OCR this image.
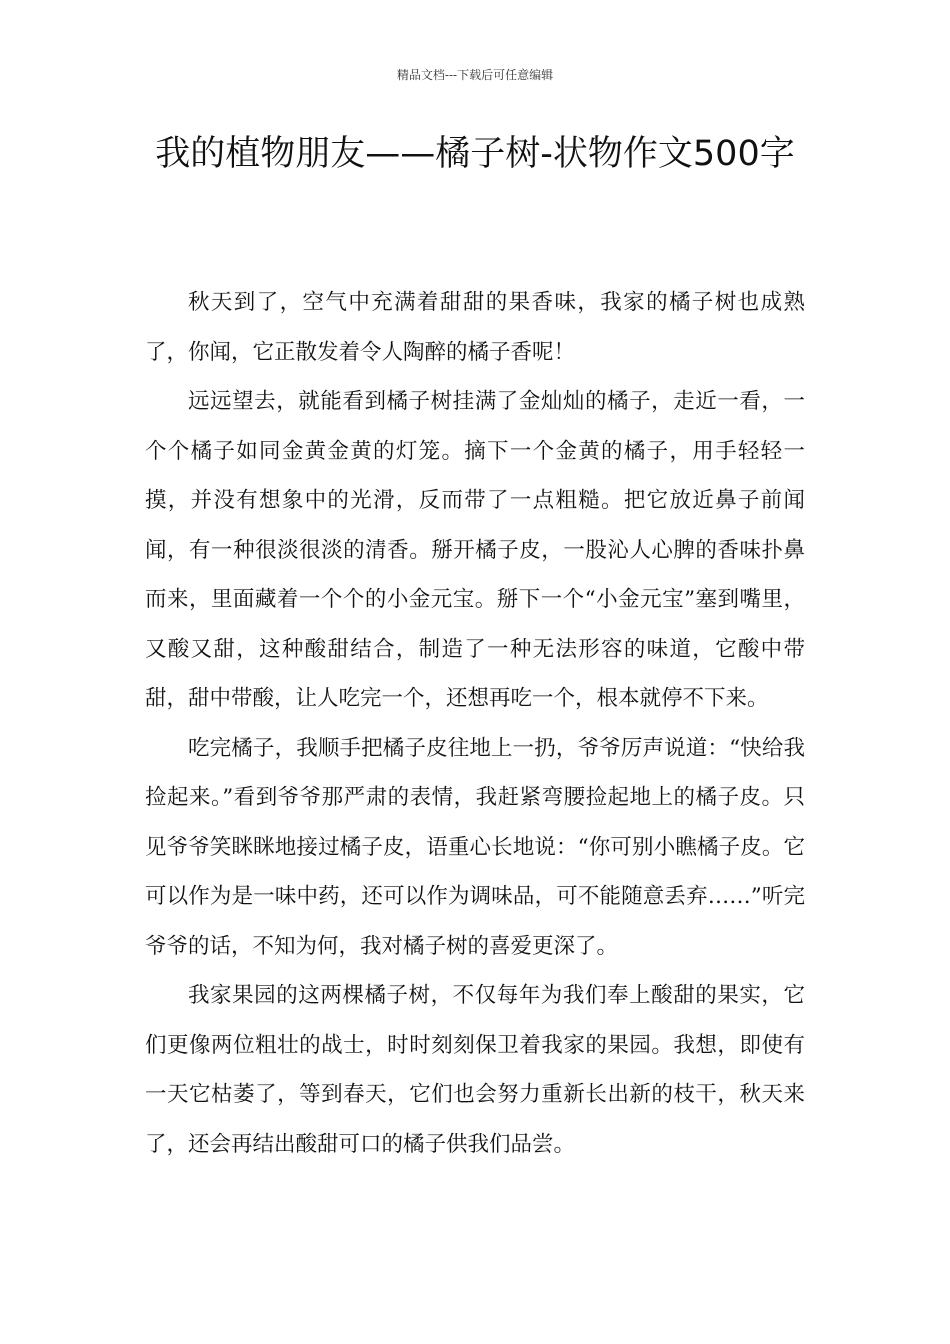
精品文档---下载后可任意编辑
我的植物朋友——橘子树-状物作文500字

秋天到了，空气中充满着甜甜的果香味，我家的橘子树也成熟了，你闻，它正散发着令人陶醉的橘子香呢！

远远望去，就能看到橘子树挂满了金灿灿的橘子，走近一看，一个个橘子如同金黄金黄的灯笼。摘下一个金黄的橘子，用手轻轻一摸，并没有想象中的光滑，反而带了一点粗糙。把它放近鼻子前闻闻，有一种很淡很淡的清香。掰开橘子皮，一股沁人心脾的香味扑鼻而来，里面藏着一个个的小金元宝。掰下一个“小金元宝”塞到嘴里，又酸又甜，这种酸甜结合，制造了一种无法形容的味道，它酸中带甜，甜中带酸，让人吃完一个，还想再吃一个，根本就停不下来。

吃完橘子，我顺手把橘子皮往地上一扔，爷爷厉声说道：“快给我捡起来。”看到爷爷那严肃的表情，我赶紧弯腰捡起地上的橘子皮。只见爷爷笑眯眯地接过橘子皮，语重心长地说：“你可别小瞧橘子皮。它可以作为是一味中药，还可以作为调味品，可不能随意丢弃……”听完爷爷的话，不知为何，我对橘子树的喜爱更深了。

我家果园的这两棵橘子树，不仅每年为我们奉上酸甜的果实，它们更像两位粗壮的战士，时时刻刻保卫着我家的果园。我想，即使有一天它枯萎了，等到春天，它们也会努力重新长出新的枝干，秋天来了，还会再结出酸甜可口的橘子供我们品尝。
